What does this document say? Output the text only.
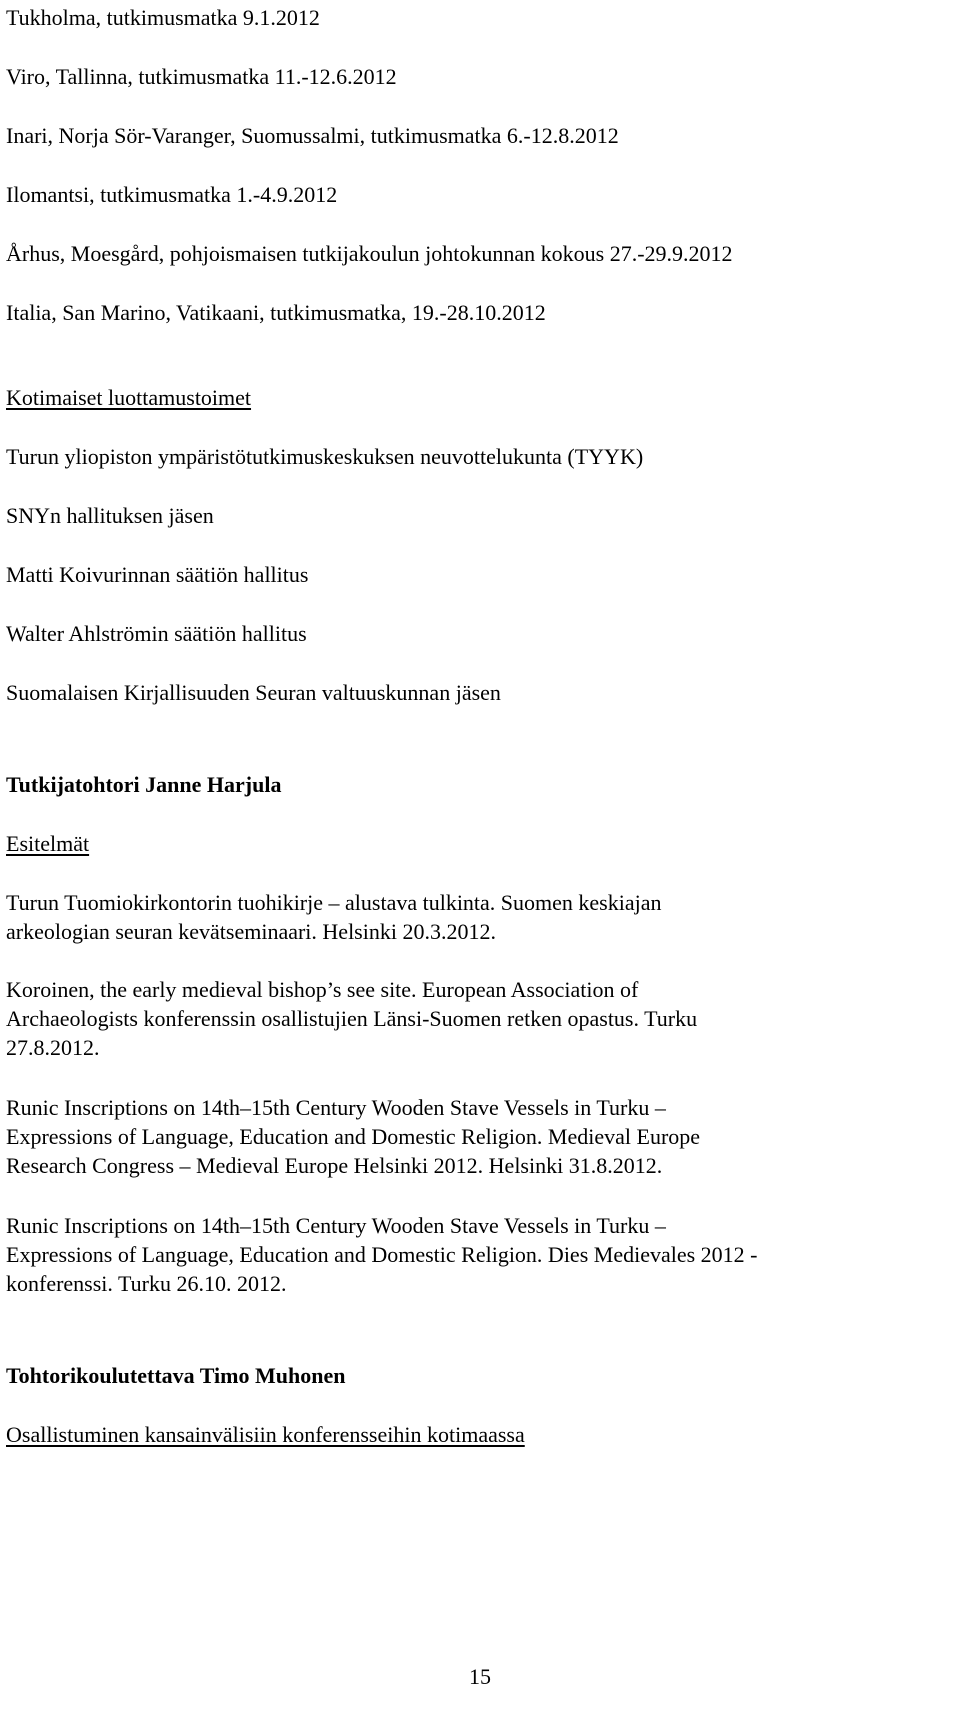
Tukholma, tutkimusmatka 9.1.2012
Viro, Tallinna, tutkimusmatka 11.-12.6.2012
Inari, Norja Sör-Varanger, Suomussalmi, tutkimusmatka 6.-12.8.2012
Ilomantsi, tutkimusmatka 1.-4.9.2012
Århus, Moesgård, pohjoismaisen tutkijakoulun johtokunnan kokous 27.-29.9.2012
Italia, San Marino, Vatikaani, tutkimusmatka, 19.-28.10.2012
Kotimaiset luottamustoimet
Turun yliopiston ympäristötutkimuskeskuksen neuvottelukunta (TYYK)
SNYn hallituksen jäsen
Matti Koivurinnan säätiön hallitus
Walter Ahlströmin säätiön hallitus
Suomalaisen Kirjallisuuden Seuran valtuuskunnan jäsen
Tutkijatohtori Janne Harjula
Esitelmät
Turun Tuomiokirkontorin tuohikirje – alustava tulkinta. Suomen keskiajan
arkeologian seuran kevätseminaari. Helsinki 20.3.2012.
Koroinen, the early medieval bishop’s see site. European Association of
Archaeologists konferenssin osallistujien Länsi-Suomen retken opastus. Turku
27.8.2012.
Runic Inscriptions on 14th–15th Century Wooden Stave Vessels in Turku –
Expressions of Language, Education and Domestic Religion. Medieval Europe
Research Congress – Medieval Europe Helsinki 2012. Helsinki 31.8.2012.
Runic Inscriptions on 14th–15th Century Wooden Stave Vessels in Turku –
Expressions of Language, Education and Domestic Religion. Dies Medievales 2012 -
konferenssi. Turku 26.10. 2012.
Tohtorikoulutettava Timo Muhonen
Osallistuminen kansainvälisiin konferensseihin kotimaassa
15
